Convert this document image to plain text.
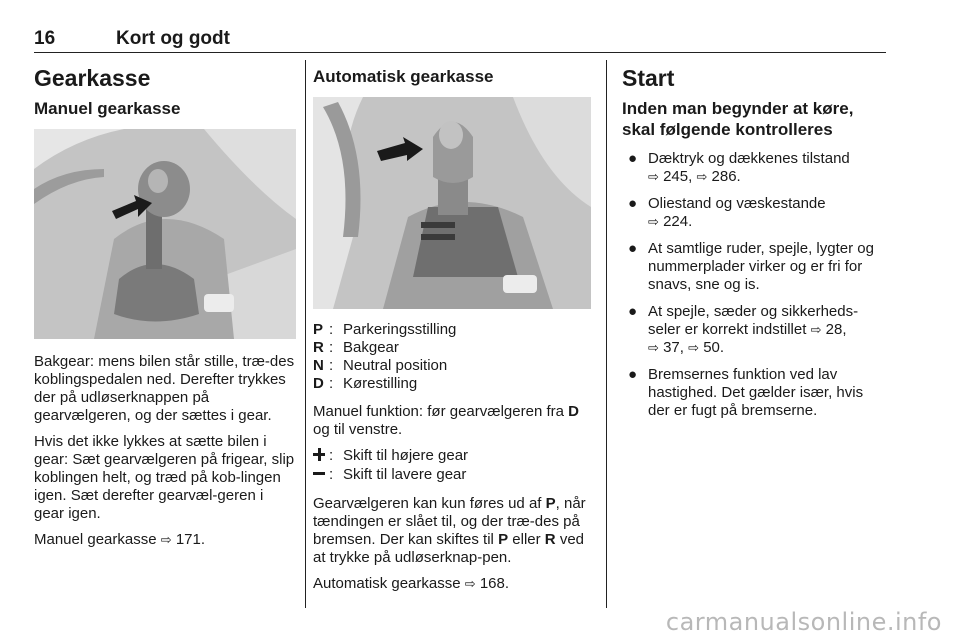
16	Kort og godt
Gearkasse
Manuel gearkasse

Bakgear: mens bilen står stille, træ-des koblingspedalen ned. Derefter trykkes der på udløserknappen på gearvælgeren, og der sættes i gear.

Hvis det ikke lykkes at sætte bilen i gear: Sæt gearvælgeren på frigear, slip koblingen helt, og træd på kob-lingen igen. Sæt derefter gearvæl-geren i gear igen.

Manuel gearkasse ⇨ 171.

Automatisk gearkasse
P : Parkeringsstilling
R : Bakgear
N : Neutral position
D : Kørestilling

Manuel funktion: før gearvælgeren fra D og til venstre.

: Skift til højere gear
: Skift til lavere gear

Gearvælgeren kan kun føres ud af P, når tændingen er slået til, og der træ-des på bremsen. Der kan skiftes til P eller R ved at trykke på udløserknap-pen.

Automatisk gearkasse ⇨ 168.

Start
Inden man begynder at køre, skal følgende kontrolleres
● Dæktryk og dækkenes tilstand
⇨ 245, ⇨ 286.
● Oliestand og væskestande
⇨ 224.
● At samtlige ruder, spejle, lygter og nummerplader virker og er fri for snavs, sne og is.
● At spejle, sæder og sikkerheds-seler er korrekt indstillet ⇨ 28,
⇨ 37, ⇨ 50.
● Bremsernes funktion ved lav hastighed. Det gælder især, hvis der er fugt på bremserne.
carmanualsonline.info
